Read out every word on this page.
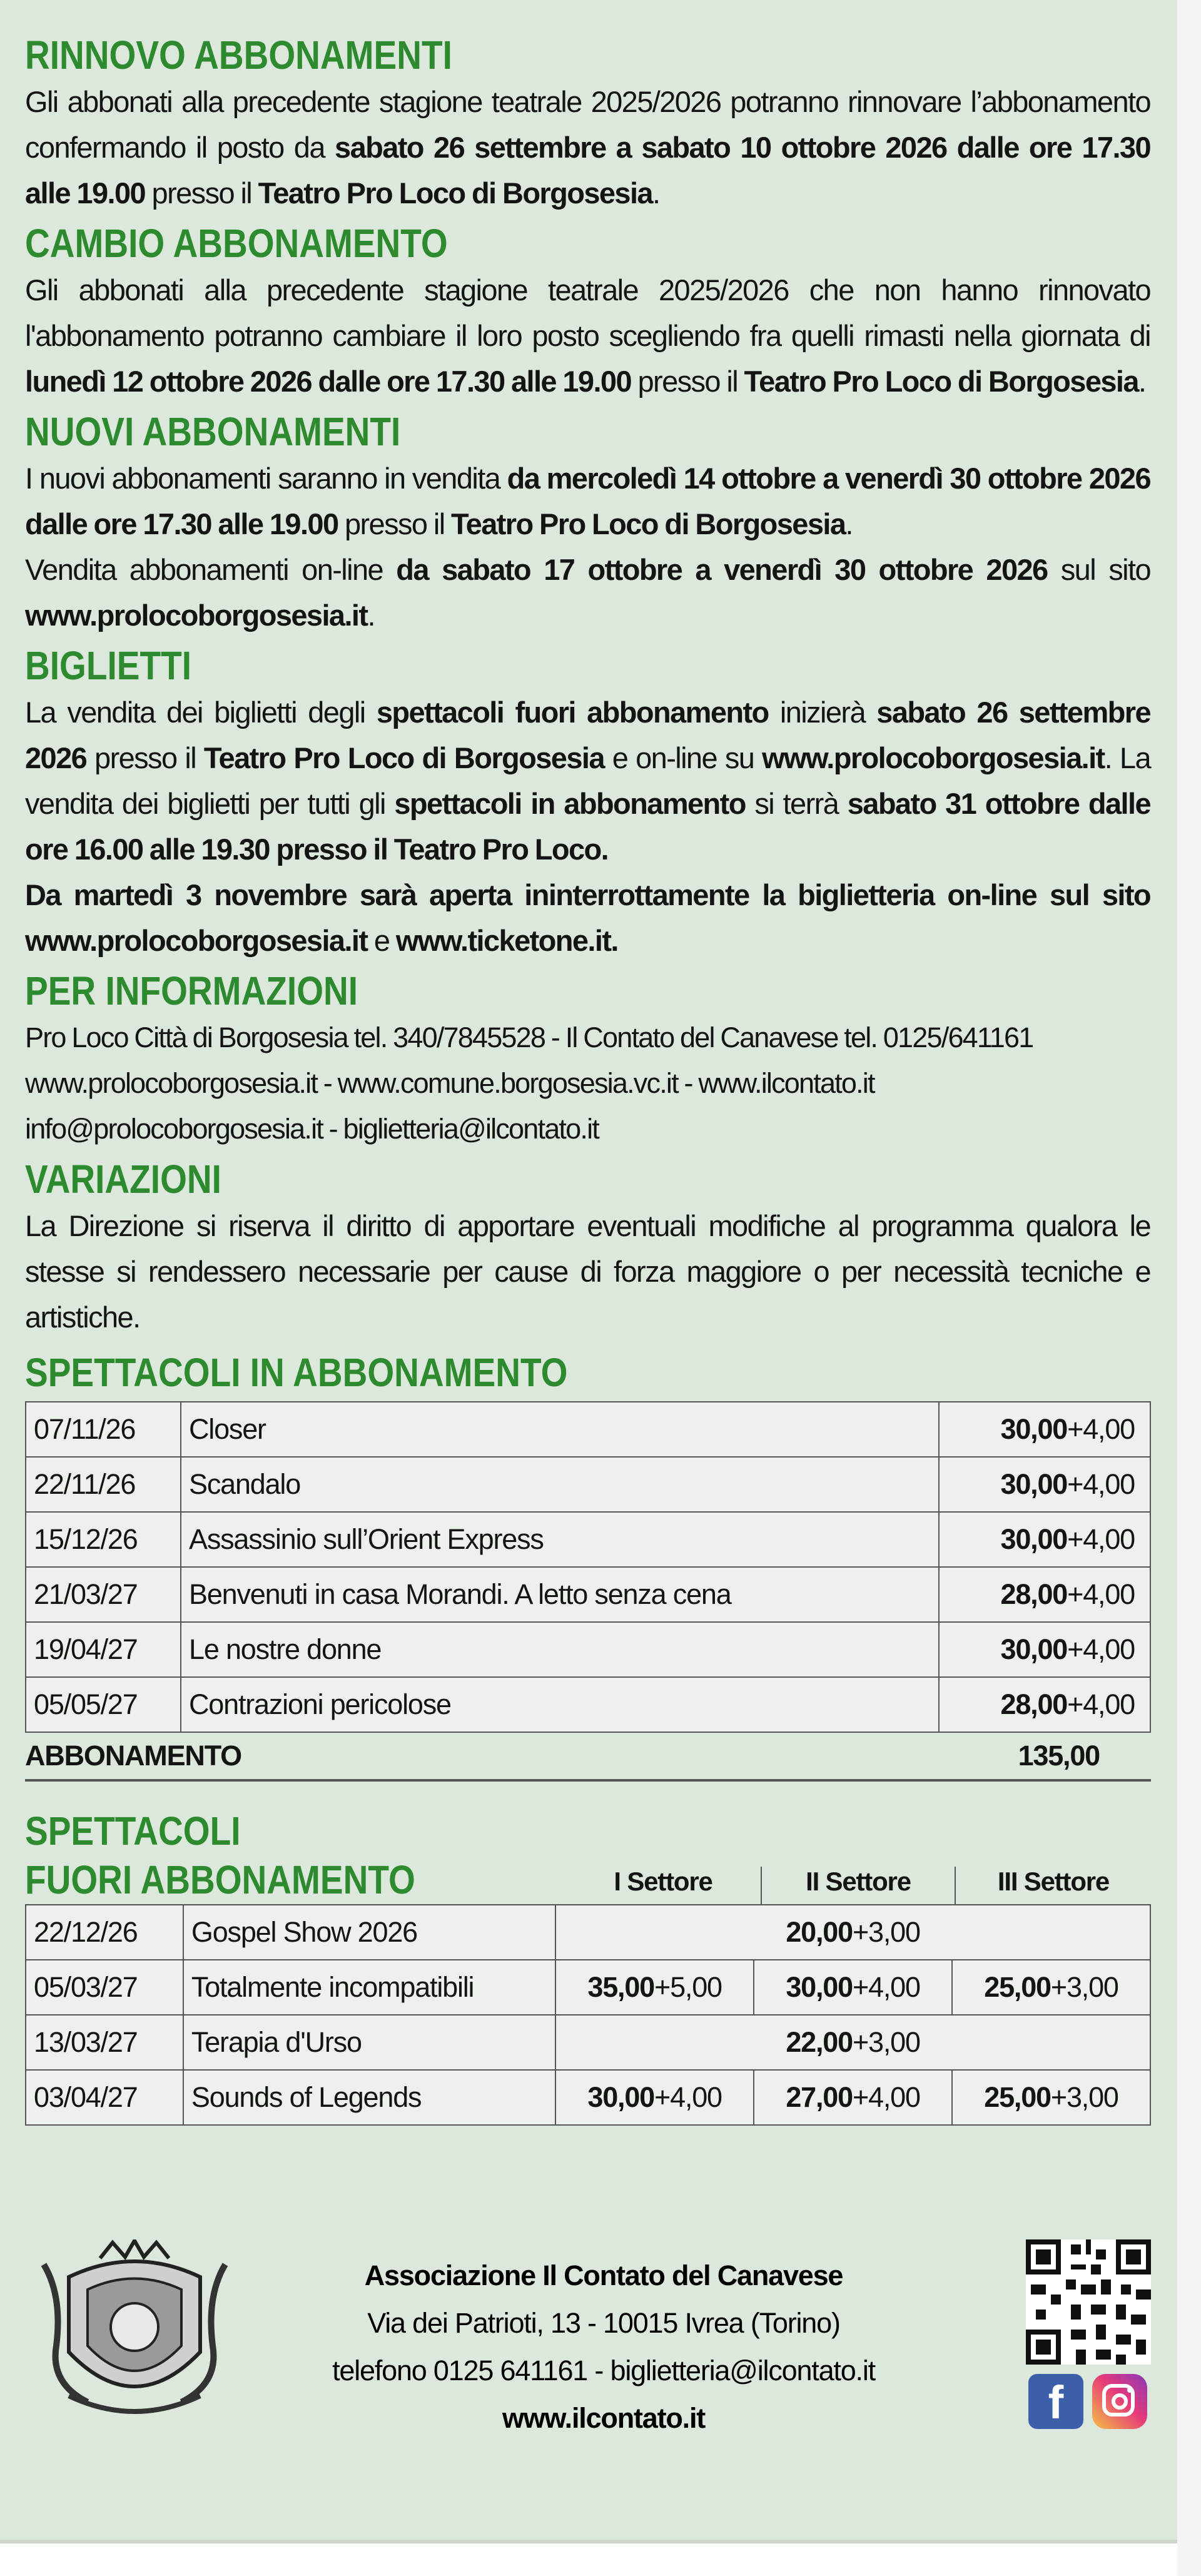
RINNOVO ABBONAMENTI

Gli abbonati alla precedente stagione teatrale 2025/2026 potranno rinnovare l’abbonamento confermando il posto da sabato 26 settembre a sabato 10 ottobre 2026 dalle ore 17.30 alle 19.00 presso il Teatro Pro Loco di Borgosesia.

CAMBIO ABBONAMENTO

Gli abbonati alla precedente stagione teatrale 2025/2026 che non hanno rinnovato l'abbonamento potranno cambiare il loro posto scegliendo fra quelli rimasti nella giornata di lunedì 12 ottobre 2026 dalle ore 17.30 alle 19.00 presso il Teatro Pro Loco di Borgosesia.

NUOVI ABBONAMENTI

I nuovi abbonamenti saranno in vendita da mercoledì 14 ottobre a venerdì 30 ottobre 2026 dalle ore 17.30 alle 19.00 presso il Teatro Pro Loco di Borgosesia.
Vendita abbonamenti on-line da sabato 17 ottobre a venerdì 30 ottobre 2026 sul sito www.prolocoborgosesia.it.

BIGLIETTI

La vendita dei biglietti degli spettacoli fuori abbonamento inizierà sabato 26 settembre 2026 presso il Teatro Pro Loco di Borgosesia e on-line su www.prolocoborgosesia.it. La vendita dei biglietti per tutti gli spettacoli in abbonamento si terrà sabato 31 ottobre dalle ore 16.00 alle 19.30 presso il Teatro Pro Loco.
Da martedì 3 novembre sarà aperta ininterrottamente la biglietteria on-line sul sito www.prolocoborgosesia.it e www.ticketone.it.

PER INFORMAZIONI
Pro Loco Città di Borgosesia tel. 340/7845528 - Il Contato del Canavese tel. 0125/641161
www.prolocoborgosesia.it - www.comune.borgosesia.vc.it - www.ilcontato.it
info@prolocoborgosesia.it - biglietteria@ilcontato.it
VARIAZIONI

La Direzione si riserva il diritto di apportare eventuali modifiche al programma qualora le stesse si rendessero necessarie per cause di forza maggiore o per necessità tecniche e artistiche.

SPETTACOLI IN ABBONAMENTO
07/11/26	Closer	30,00+4,00
22/11/26	Scandalo	30,00+4,00
15/12/26	Assassinio sull’Orient Express	30,00+4,00
21/03/27	Benvenuti in casa Morandi. A letto senza cena	28,00+4,00
19/04/27	Le nostre donne	30,00+4,00
05/05/27	Contrazioni pericolose	28,00+4,00
ABBONAMENTO	135,00
SPETTACOLI
FUORI ABBONAMENTO	I Settore	II Settore	III Settore
22/12/26	Gospel Show 2026	20,00+3,00		
05/03/27	Totalmente incompatibili	35,00+5,00	30,00+4,00	25,00+3,00
13/03/27	Terapia d'Urso	22,00+3,00		
03/04/27	Sounds of Legends	30,00+4,00	27,00+4,00	25,00+3,00
Associazione Il Contato del Canavese
Via dei Patrioti, 13 - 10015 Ivrea (Torino)
telefono 0125 641161 - biglietteria@ilcontato.it
www.ilcontato.it	f
